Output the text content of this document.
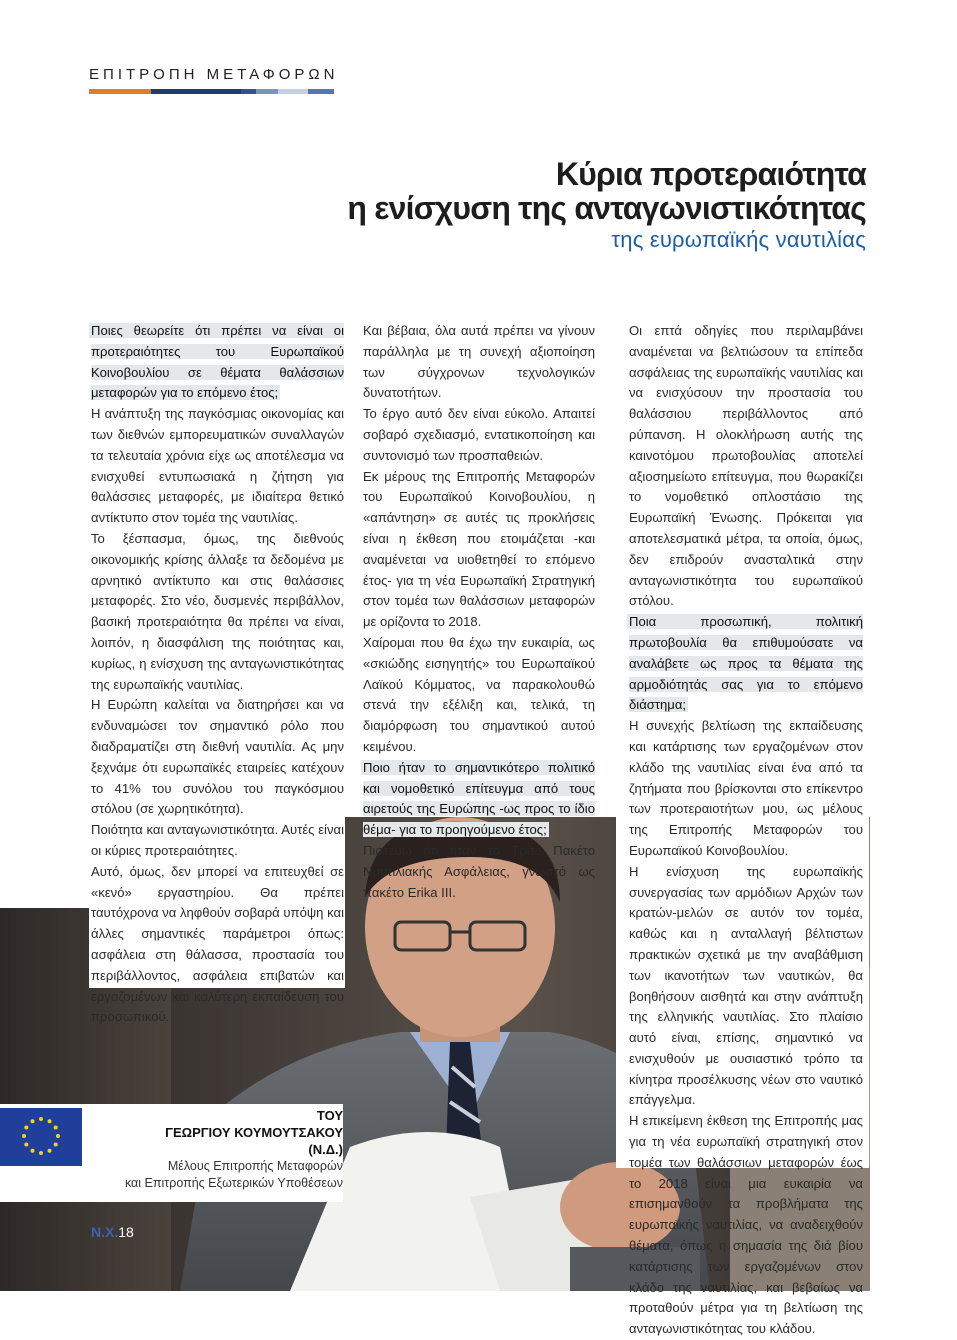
ΕΠΙΤΡΟΠΗ ΜΕΤΑΦΟΡΩΝ
Κύρια προτεραιότητα
η ενίσχυση της ανταγωνιστικότητας
της ευρωπαϊκής ναυτιλίας

Ποιες θεωρείτε ότι πρέπει να είναι οι προτεραιότητες του Ευρωπαϊκού Κοινοβουλίου σε θέματα θαλάσσιων μεταφορών για το επόμενο έτος;

Η ανάπτυξη της παγκόσμιας οικονομίας και των διεθνών εμπορευματικών συναλλαγών τα τελευταία χρόνια είχε ως αποτέλεσμα να ενισχυθεί εντυπωσιακά η ζήτηση για θαλάσσιες μεταφορές, με ιδιαίτερα θετικό αντίκτυπο στον τομέα της ναυτιλίας.

Το ξέσπασμα, όμως, της διεθνούς οικονομικής κρίσης άλλαξε τα δεδομένα με αρνητικό αντίκτυπο και στις θαλάσσιες μεταφορές. Στο νέο, δυσμενές περιβάλλον, βασική προτεραιότητα θα πρέπει να είναι, λοιπόν, η διασφάλιση της ποιότητας και, κυρίως, η ενίσχυση της ανταγωνιστικότητας της ευρωπαϊκής ναυτιλίας.

Η Ευρώπη καλείται να διατηρήσει και να ενδυναμώσει τον σημαντικό ρόλο που διαδραματίζει στη διεθνή ναυτιλία. Ας μην ξεχνάμε ότι ευρωπαϊκές εταιρείες κατέχουν το 41% του συνόλου του παγκόσμιου στόλου (σε χωρητικότητα).

Ποιότητα και ανταγωνιστικότητα. Αυτές είναι οι κύριες προτεραιότητες.

Αυτό, όμως, δεν μπορεί να επιτευχθεί σε «κενό» εργαστηρίου. Θα πρέπει ταυτόχρονα να ληφθούν σοβαρά υπόψη και άλλες σημαντικές παράμετροι όπως: ασφάλεια στη θάλασσα, προστασία του περιβάλλοντος, ασφάλεια επιβατών και εργαζομένων και καλύτερη εκπαίδευση του προσωπικού.

Και βέβαια, όλα αυτά πρέπει να γίνουν παράλληλα με τη συνεχή αξιοποίηση των σύγχρονων τεχνολογικών δυνατοτήτων.

Το έργο αυτό δεν είναι εύκολο. Απαιτεί σοβαρό σχεδιασμό, εντατικοποίηση και συντονισμό των προσπαθειών.

Εκ μέρους της Επιτροπής Μεταφορών του Ευρωπαϊκού Κοινοβουλίου, η «απάντηση» σε αυτές τις προκλήσεις είναι η έκθεση που ετοιμάζεται -και αναμένεται να υιοθετηθεί το επόμενο έτος- για τη νέα Ευρωπαϊκή Στρατηγική στον τομέα των θαλάσσιων μεταφορών με ορίζοντα το 2018.

Χαίρομαι που θα έχω την ευκαιρία, ως «σκιώδης εισηγητής» του Ευρωπαϊκού Λαϊκού Κόμματος, να παρακολουθώ στενά την εξέλιξη και, τελικά, τη διαμόρφωση του σημαντικού αυτού κειμένου.

Ποιο ήταν το σημαντικότερο πολιτικό και νομοθετικό επίτευγμα από τους αιρετούς της Ευρώπης -ως προς το ίδιο θέμα- για το προηγούμενο έτος;

Πιστεύω ότι ήταν το Τρίτο Πακέτο Ναυτιλιακής Ασφάλειας, γνωστό ως πακέτο Erika III.

Οι επτά οδηγίες που περιλαμβάνει αναμένεται να βελτιώσουν τα επίπεδα ασφάλειας της ευρωπαϊκής ναυτιλίας και να ενισχύσουν την προστασία του θαλάσσιου περιβάλλοντος από ρύπανση. Η ολοκλήρωση αυτής της καινοτόμου πρωτοβουλίας αποτελεί αξιοσημείωτο επίτευγμα, που θωρακίζει το νομοθετικό οπλοστάσιο της Ευρωπαϊκή Ένωσης. Πρόκειται για αποτελεσματικά μέτρα, τα οποία, όμως, δεν επιδρούν ανασταλτικά στην ανταγωνιστικότητα του ευρωπαϊκού στόλου.

Ποια προσωπική, πολιτική πρωτοβουλία θα επιθυμούσατε να αναλάβετε ως προς τα θέματα της αρμοδιότητάς σας για το επόμενο διάστημα;

Η συνεχής βελτίωση της εκπαίδευσης και κατάρτισης των εργαζομένων στον κλάδο της ναυτιλίας είναι ένα από τα ζητήματα που βρίσκονται στο επίκεντρο των προτεραιοτήτων μου, ως μέλους της Επιτροπής Μεταφορών του Ευρωπαϊκού Κοινοβουλίου.

Η ενίσχυση της ευρωπαϊκής συνεργασίας των αρμόδιων Αρχών των κρατών-μελών σε αυτόν τον τομέα, καθώς και η ανταλλαγή βέλτιστων πρακτικών σχετικά με την αναβάθμιση των ικανοτήτων των ναυτικών, θα βοηθήσουν αισθητά και στην ανάπτυξη της ελληνικής ναυτιλίας. Στο πλαίσιο αυτό είναι, επίσης, σημαντικό να ενισχυθούν με ουσιαστικό τρόπο τα κίνητρα προσέλκυσης νέων στο ναυτικό επάγγελμα.

Η επικείμενη έκθεση της Επιτροπής μας για τη νέα ευρωπαϊκή στρατηγική στον τομέα των θαλάσσιων μεταφορών έως το 2018 είναι μια ευκαιρία να επισημανθούν τα προβλήματα της ευρωπαϊκής ναυτιλίας, να αναδειχθούν θέματα, όπως η σημασία της διά βίου κατάρτισης των εργαζομένων στον κλάδο της ναυτιλίας, και βεβαίως να προταθούν μέτρα για τη βελτίωση της ανταγωνιστικότητας του κλάδου.

ΤΟΥ
ΓΕΩΡΓΙΟΥ ΚΟΥΜΟΥΤΣΑΚΟΥ
(Ν.Δ.)
Μέλους Επιτροπής Μεταφορών
και Επιτροπής Εξωτερικών Υποθέσεων
Ν.Χ.18
